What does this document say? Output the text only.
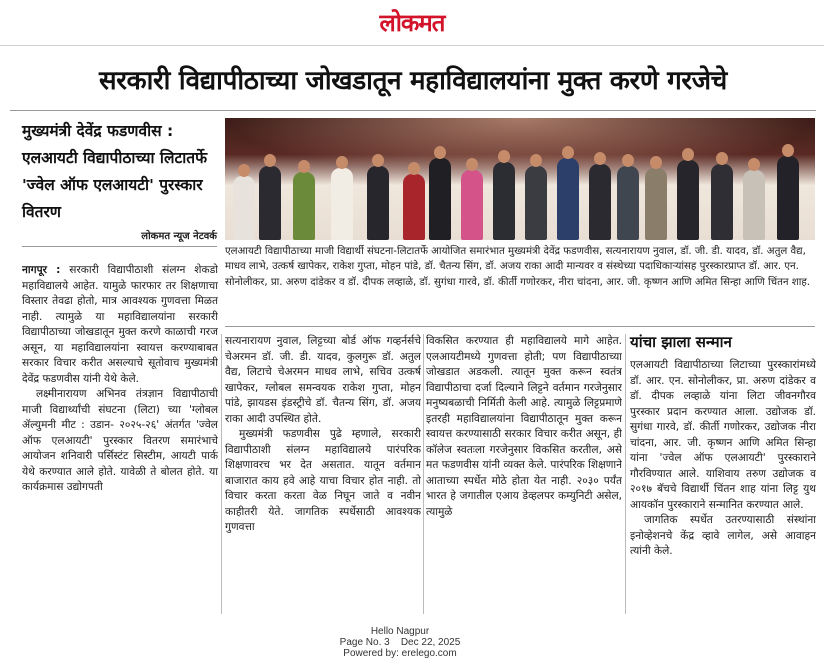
लोकमत
सरकारी विद्यापीठाच्या जोखडातून महाविद्यालयांना मुक्त करणे गरजेचे
मुख्यमंत्री देवेंद्र फडणवीस : एलआयटी विद्यापीठाच्या लिटातर्फे 'ज्वेल ऑफ एलआयटी' पुरस्कार वितरण
लोकमत न्यूज नेटवर्क
एलआयटी विद्यापीठाच्या माजी विद्यार्थी संघटना-लिटातर्फे आयोजित समारंभात मुख्यमंत्री देवेंद्र फडणवीस, सत्यनारायण नुवाल, डॉ. जी. डी. यादव, डॉ. अतुल वैद्य, माधव लाभे, उत्कर्ष खापेकर, राकेश गुप्ता, मोहन पांडे, डॉ. चैतन्य सिंग, डॉ. अजय राका आदी मान्यवर व संस्थेच्या पदाधिकाऱ्यांसह पुरस्कारप्राप्त डॉ. आर. एन. सोनोलीकर, प्रा. अरुण दांडेकर व डॉ. दीपक लव्हाळे, डॉ. सुगंधा गारवे, डॉ. कीर्ती गणोरकर, नीरा चांदना, आर. जी. कृष्णन आणि अमित सिन्हा आणि चिंतन शाह.

नागपूर : सरकारी विद्यापीठाशी संलग्न शेकडो महाविद्यालये आहेत. यामुळे फारफार तर शिक्षणाचा विस्तार तेवढा होतो, मात्र आवश्यक गुणवत्ता मिळत नाही. त्यामुळे या महाविद्यालयांना सरकारी विद्यापीठाच्या जोखडातून मुक्त करणे काळाची गरज असून, या महाविद्यालयांना स्वायत्त करण्याबाबत सरकार विचार करीत असल्याचे सूतोवाच मुख्यमंत्री देवेंद्र फडणवीस यांनी येथे केले.

लक्ष्मीनारायण अभिनव तंत्रज्ञान विद्यापीठाची माजी विद्यार्थ्यांची संघटना (लिटा) च्या 'ग्लोबल ॲल्युमनी मीट : उडान- २०२५-२६' अंतर्गत 'ज्वेल ऑफ एलआयटी' पुरस्कार वितरण समारंभाचे आयोजन शनिवारी पर्सिस्टंट सिस्टीम, आयटी पार्क येथे करण्यात आले होते. यावेळी ते बोलत होते. या कार्यक्रमास उद्योगपती

सत्यनारायण नुवाल, लिट्टच्या बोर्ड ऑफ गव्हर्नर्सचे चेअरमन डॉ. जी. डी. यादव, कुलगुरू डॉ. अतुल वैद्य, लिटाचे चेअरमन माधव लाभे, सचिव उत्कर्ष खापेकर, ग्लोबल समन्वयक राकेश गुप्ता, मोहन पांडे, झायडस इंडस्ट्रीचे डॉ. चैतन्य सिंग, डॉ. अजय राका आदी उपस्थित होते.

मुख्यमंत्री फडणवीस पुढे म्हणाले, सरकारी विद्यापीठाशी संलग्न महाविद्यालये पारंपरिक शिक्षणावरच भर देत असतात. यातून वर्तमान बाजारात काय हवे आहे याचा विचार होत नाही. तो विचार करता करता वेळ निघून जाते व नवीन काहीतरी येते. जागतिक स्पर्धेसाठी आवश्यक गुणवत्ता

विकसित करण्यात ही महाविद्यालये मागे आहेत. एलआयटीमध्ये गुणवत्ता होती; पण विद्यापीठाच्या जोखडात अडकली. त्यातून मुक्त करून स्वतंत्र विद्यापीठाचा दर्जा दिल्याने लिट्टने वर्तमान गरजेनुसार मनुष्यबळाची निर्मिती केली आहे. त्यामुळे लिट्टप्रमाणे इतरही महाविद्यालयांना विद्यापीठातून मुक्त करून स्वायत्त करण्यासाठी सरकार विचार करीत असून, ही कॉलेज स्वतःला गरजेनुसार विकसित करतील, असे मत फडणवीस यांनी व्यक्त केले. पारंपरिक शिक्षणाने आताच्या स्पर्धेत मोठे होता येत नाही. २०३० पर्यंत भारत हे जगातील एआय डेव्हलपर कम्युनिटी असेल, त्यामुळे

यांचा झाला सन्मान

एलआयटी विद्यापीठाच्या लिटाच्या पुरस्कारांमध्ये डॉ. आर. एन. सोनोलीकर, प्रा. अरुण दांडेकर व डॉ. दीपक लव्हाळे यांना लिटा जीवनगौरव पुरस्कार प्रदान करण्यात आला. उद्योजक डॉ. सुगंधा गारवे, डॉ. कीर्ती गणोरकर, उद्योजक नीरा चांदना, आर. जी. कृष्णन आणि अमित सिन्हा यांना 'ज्वेल ऑफ एलआयटी' पुरस्काराने गौरविण्यात आले. याशिवाय तरुण उद्योजक व २०१७ बॅचचे विद्यार्थी चिंतन शाह यांना लिट्ट युथ आयकॉन पुरस्काराने सन्मानित करण्यात आले.

जागतिक स्पर्धेत उतरण्यासाठी संस्थांना इनोव्हेशनचे केंद्र व्हावे लागेल, असे आवाहन त्यांनी केले.

Hello Nagpur
Page No. 3    Dec 22, 2025
Powered by: erelego.com
